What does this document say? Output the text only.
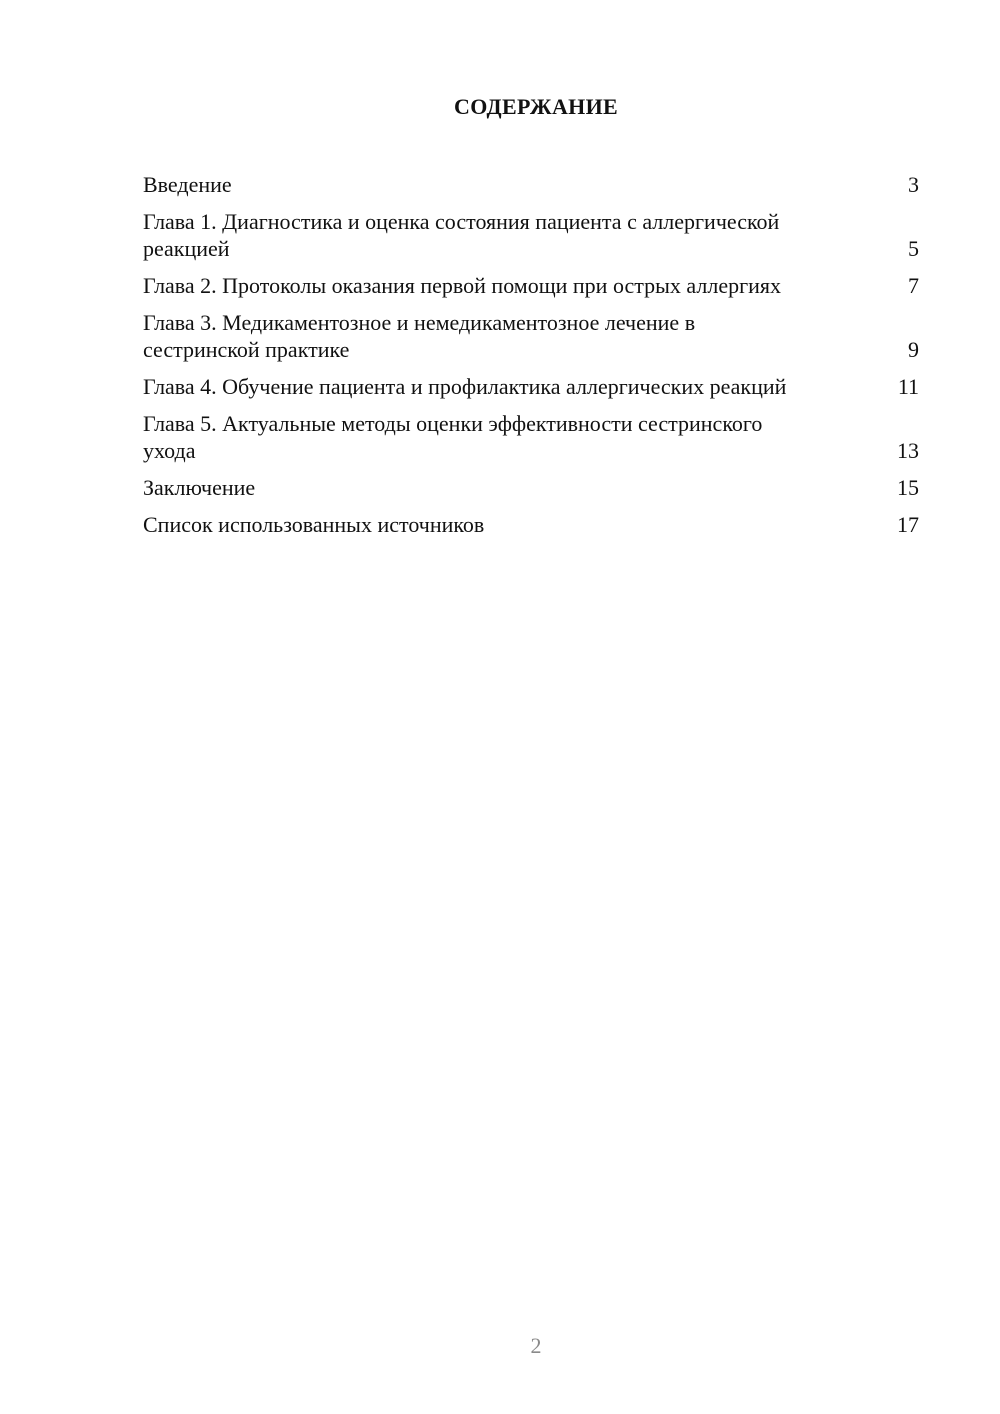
СОДЕРЖАНИЕ
Введение	3
Глава 1. Диагностика и оценка состояния пациента с аллергической реакцией	5
Глава 2. Протоколы оказания первой помощи при острых аллергиях	7
Глава 3. Медикаментозное и немедикаментозное лечение в сестринской практике	9
Глава 4. Обучение пациента и профилактика аллергических реакций	11
Глава 5. Актуальные методы оценки эффективности сестринского ухода	13
Заключение	15
Список использованных источников	17
2
